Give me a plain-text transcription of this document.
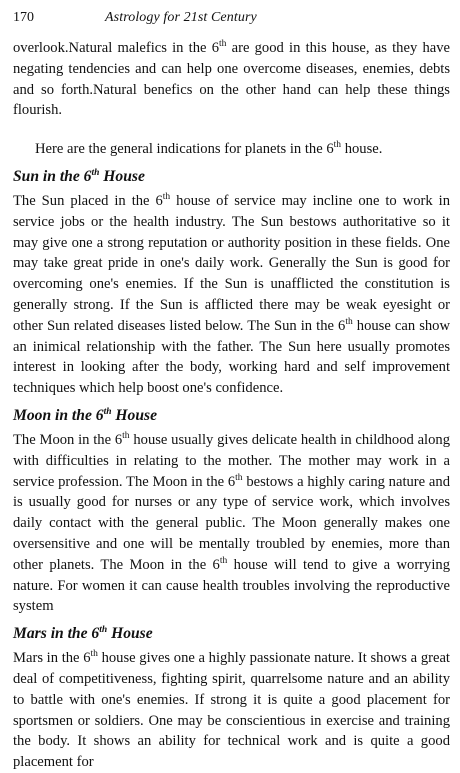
170	Astrology for 21st Century

overlook.Natural malefics in the 6th are good in this house, as they have negating tendencies and can help one overcome diseases, enemies, debts and so forth.Natural benefics on the other hand can help these things flourish.

Here are the general indications for planets in the 6th house.

Sun in the 6th House

The Sun placed in the 6th house of service may incline one to work in service jobs or the health industry. The Sun bestows authoritative so it may give one a strong reputation or authority position in these fields. One may take great pride in one's daily work. Generally the Sun is good for overcoming one's enemies. If the Sun is unafflicted the constitution is generally strong. If the Sun is afflicted there may be weak eyesight or other Sun related diseases listed below. The Sun in the 6th house can show an inimical relationship with the father. The Sun here usually promotes interest in looking after the body, working hard and self improvement techniques which help boost one's confidence.

Moon in the 6th House

The Moon in the 6th house usually gives delicate health in childhood along with difficulties in relating to the mother. The mother may work in a service profession. The Moon in the 6th bestows a highly caring nature and is usually good for nurses or any type of service work, which involves daily contact with the general public. The Moon generally makes one oversensitive and one will be mentally troubled by enemies, more than other planets. The Moon in the 6th house will tend to give a worrying nature. For women it can cause health troubles involving the reproductive system

Mars in the 6th House

Mars in the 6th house gives one a highly passionate nature. It shows a great deal of competitiveness, fighting spirit, quarrelsome nature and an ability to battle with one's enemies. If strong it is quite a good placement for sportsmen or soldiers. One may be conscientious in exercise and training the body. It shows an ability for technical work and is quite a good placement for
